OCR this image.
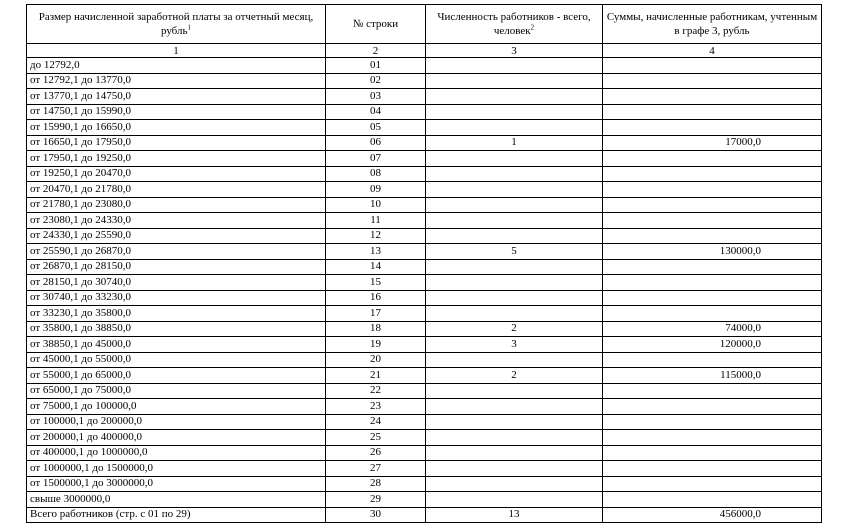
Размер начисленной заработной платы за отчетный месяц, рубль$^1$	№ строки	Численность работников - всего, человек$^2$	Суммы, начисленные работникам, учтенным в графе 3, рубль
1	2	3	4
до 12792,0	01		
от 12792,1 до 13770,0	02		
от 13770,1 до 14750,0	03		
от 14750,1 до 15990,0	04		
от 15990,1 до 16650,0	05		
от 16650,1 до 17950,0	06	1	17000,0
от 17950,1 до 19250,0	07		
от 19250,1 до 20470,0	08		
от 20470,1 до 21780,0	09		
от 21780,1 до 23080,0	10		
от 23080,1 до 24330,0	11		
от 24330,1 до 25590,0	12		
от 25590,1 до 26870,0	13	5	130000,0
от 26870,1 до 28150,0	14		
от 28150,1 до 30740,0	15		
от 30740,1 до 33230,0	16		
от 33230,1 до 35800,0	17		
от 35800,1 до 38850,0	18	2	74000,0
от 38850,1 до 45000,0	19	3	120000,0
от 45000,1 до 55000,0	20		
от 55000,1 до 65000,0	21	2	115000,0
от 65000,1 до 75000,0	22		
от 75000,1 до 100000,0	23		
от 100000,1 до 200000,0	24		
от 200000,1 до 400000,0	25		
от 400000,1 до 1000000,0	26		
от 1000000,1 до 1500000,0	27		
от 1500000,1 до 3000000,0	28		
свыше 3000000,0	29		
Всего работников (стр. с 01 по 29)	30	13	456000,0
